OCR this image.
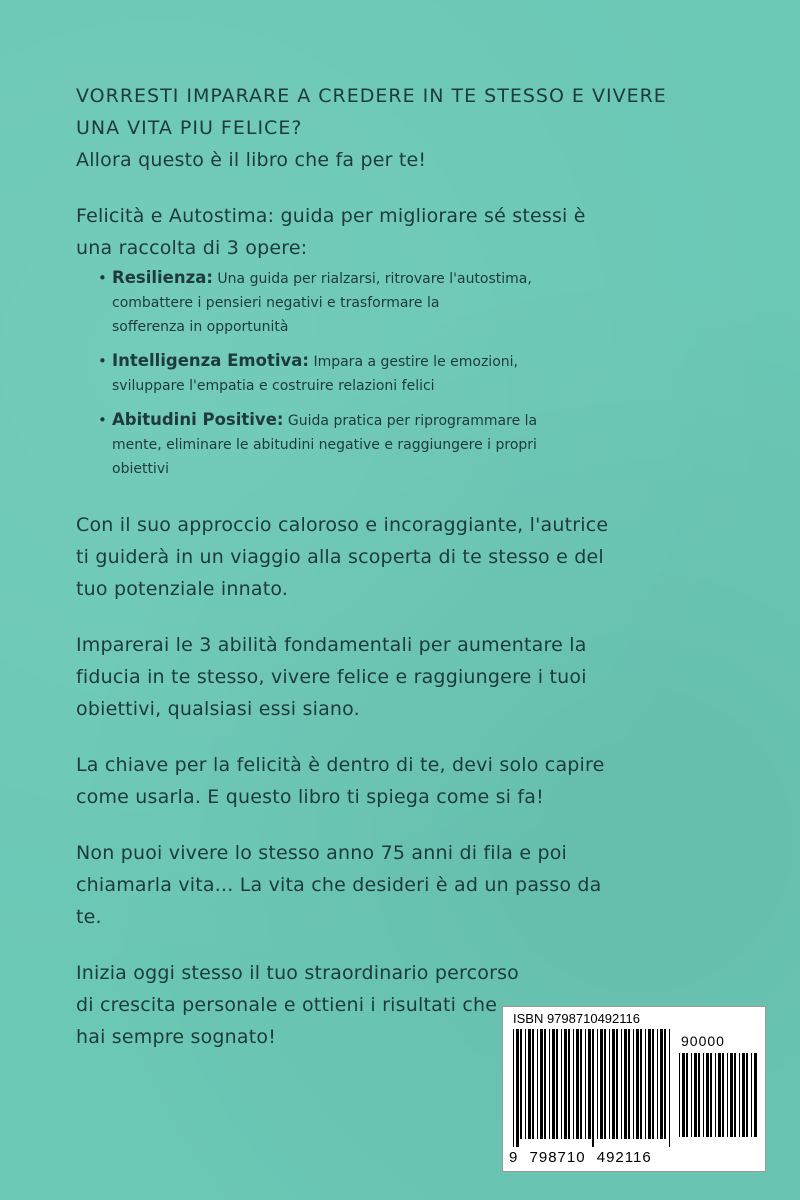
VORRESTI IMPARARE A CREDERE IN TE STESSO E VIVERE
UNA VITA PIU FELICE?

Allora questo è il libro che fa per te!

Felicità e Autostima: guida per migliorare sé stessi è
una raccolta di 3 opere:

• Resilienza: Una guida per rialzarsi, ritrovare l'autostima,
combattere i pensieri negativi e trasformare la
sofferenza in opportunità
• Intelligenza Emotiva: Impara a gestire le emozioni,
sviluppare l'empatia e costruire relazioni felici
• Abitudini Positive: Guida pratica per riprogrammare la
mente, eliminare le abitudini negative e raggiungere i propri
obiettivi

Con il suo approccio caloroso e incoraggiante, l'autrice
ti guiderà in un viaggio alla scoperta di te stesso e del
tuo potenziale innato.

Imparerai le 3 abilità fondamentali per aumentare la
fiducia in te stesso, vivere felice e raggiungere i tuoi
obiettivi, qualsiasi essi siano.

La chiave per la felicità è dentro di te, devi solo capire
come usarla. E questo libro ti spiega come si fa!

Non puoi vivere lo stesso anno 75 anni di fila e poi
chiamarla vita... La vita che desideri è ad un passo da
te.

Inizia oggi stesso il tuo straordinario percorso
di crescita personale e ottieni i risultati che
hai sempre sognato!

ISBN 9798710492116
90000
9 798710 492116
